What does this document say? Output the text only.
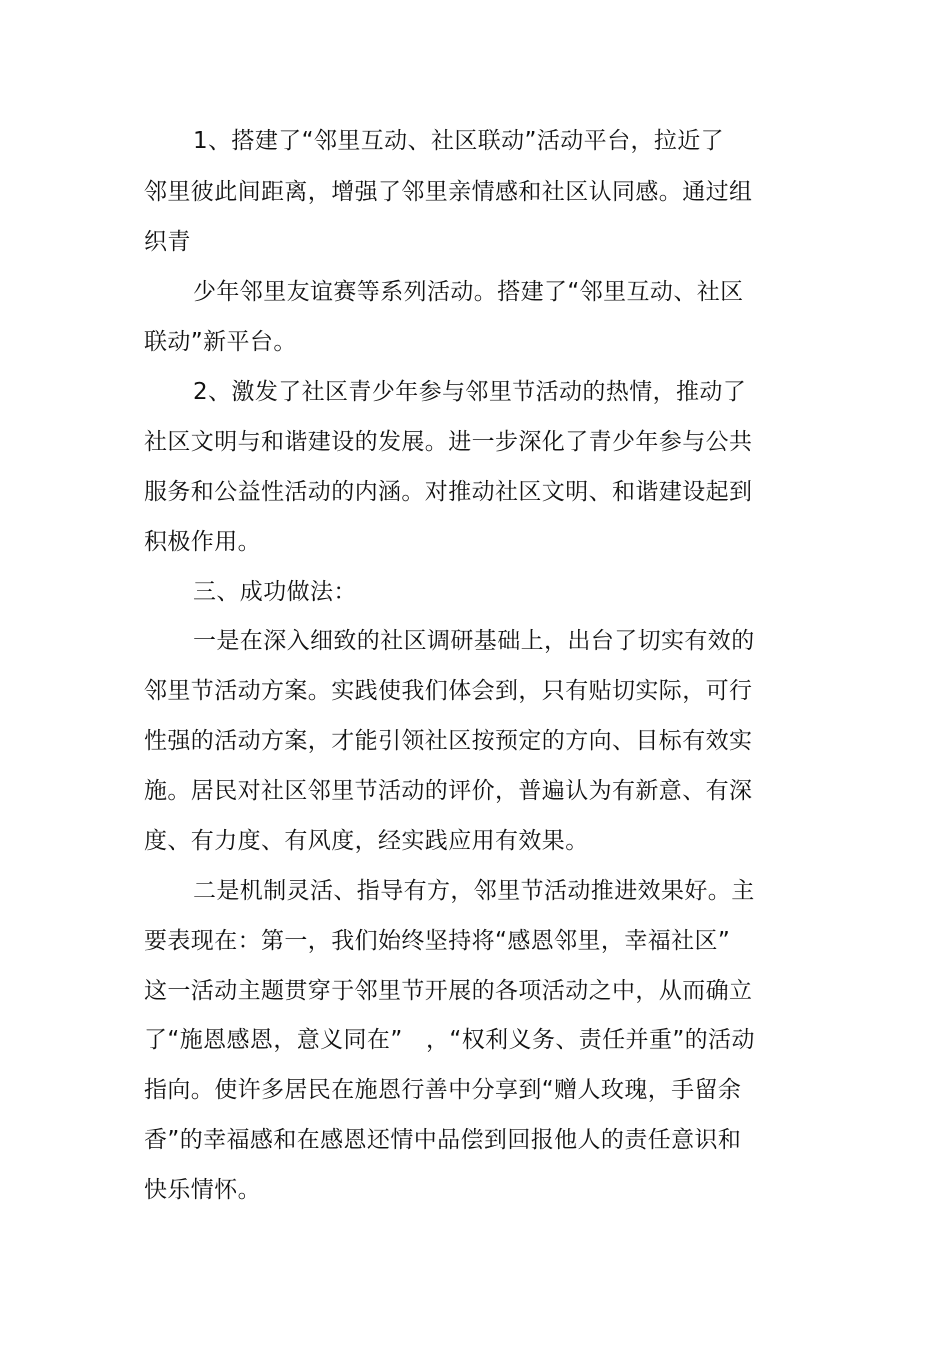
1、搭建了“邻里互动、社区联动”活动平台，拉近了

邻里彼此间距离，增强了邻里亲情感和社区认同感。通过组

织青

少年邻里友谊赛等系列活动。搭建了“邻里互动、社区

联动”新平台。

2、激发了社区青少年参与邻里节活动的热情，推动了

社区文明与和谐建设的发展。进一步深化了青少年参与公共

服务和公益性活动的内涵。对推动社区文明、和谐建设起到

积极作用。

三、成功做法：

一是在深入细致的社区调研基础上，出台了切实有效的

邻里节活动方案。实践使我们体会到，只有贴切实际，可行

性强的活动方案，才能引领社区按预定的方向、目标有效实

施。居民对社区邻里节活动的评价，普遍认为有新意、有深

度、有力度、有风度，经实践应用有效果。

二是机制灵活、指导有方，邻里节活动推进效果好。主

要表现在：第一，我们始终坚持将“感恩邻里，幸福社区”

这一活动主题贯穿于邻里节开展的各项活动之中，从而确立

了“施恩感恩，意义同在”　，“权利义务、责任并重”的活动

指向。使许多居民在施恩行善中分享到“赠人玫瑰，手留余

香”的幸福感和在感恩还情中品偿到回报他人的责任意识和

快乐情怀。
